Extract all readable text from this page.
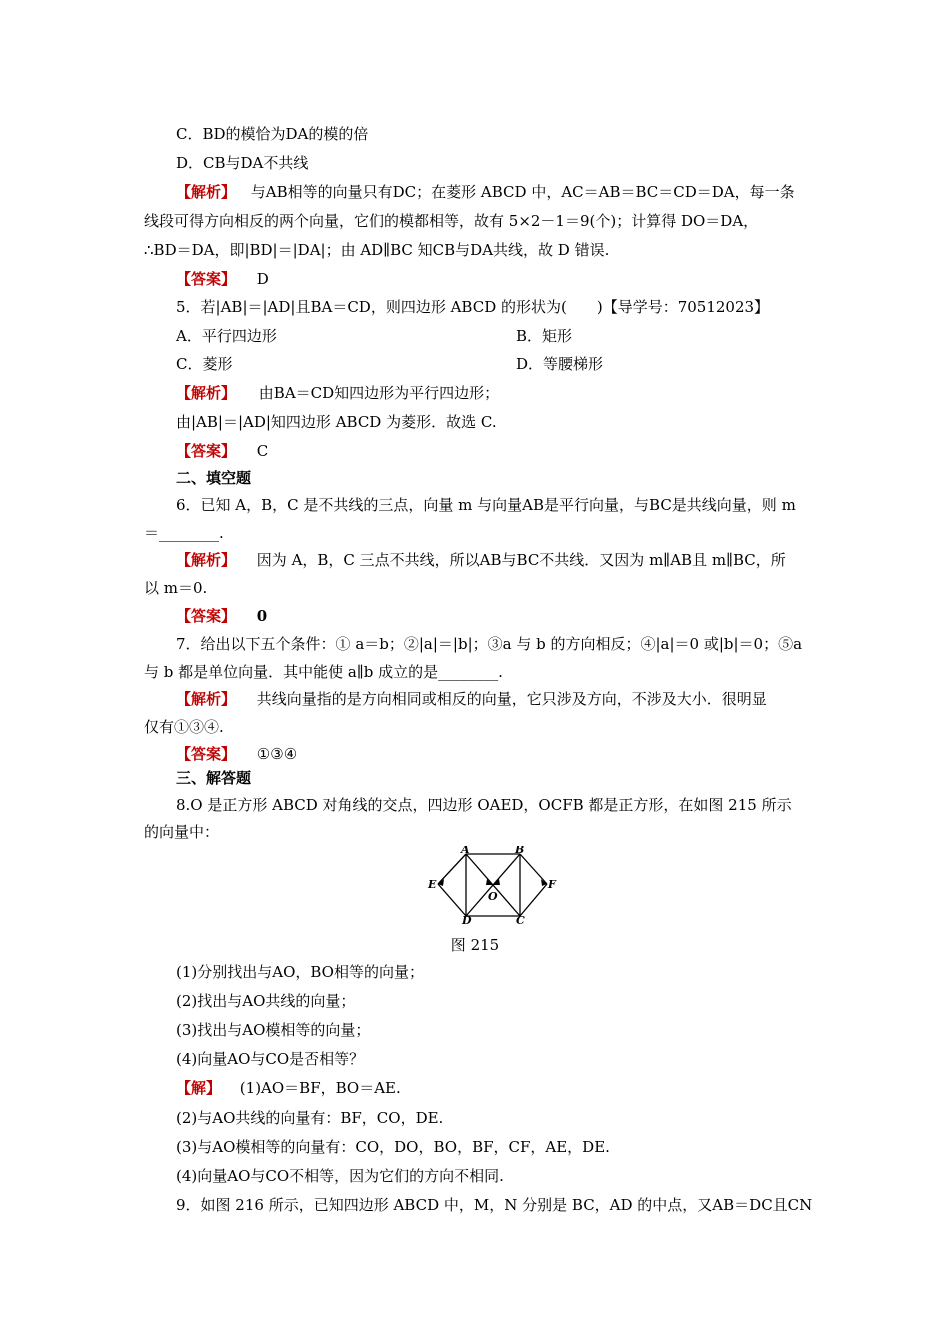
C．BD的模恰为DA的模的倍
D．CB与DA不共线
【解析】 与AB相等的向量只有DC；在菱形 ABCD 中，AC＝AB＝BC＝CD＝DA，每一条
线段可得方向相反的两个向量，它们的模都相等，故有 5×2－1＝9(个)；计算得 DO＝DA，
∴BD＝DA，即|BD|＝|DA|；由 AD∥BC 知CB与DA共线，故 D 错误.
【答案】 D
5．若|AB|＝|AD|且BA＝CD，则四边形 ABCD 的形状为(　　)【导学号：70512023】
A．平行四边形	B．矩形
C．菱形	D．等腰梯形
【解析】 由BA＝CD知四边形为平行四边形；
由|AB|＝|AD|知四边形 ABCD 为菱形．故选 C.
【答案】 C
二、填空题
6．已知 A，B，C 是不共线的三点，向量 m 与向量AB是平行向量，与BC是共线向量，则 m
＝________.
【解析】 因为 A，B，C 三点不共线，所以AB与BC不共线．又因为 m∥AB且 m∥BC，所
以 m＝0.
【答案】 0
7．给出以下五个条件：① a＝b；②|a|＝|b|；③a 与 b 的方向相反；④|a|＝0 或|b|＝0；⑤a
与 b 都是单位向量．其中能使 a∥b 成立的是________.
【解析】 共线向量指的是方向相同或相反的向量，它只涉及方向，不涉及大小．很明显
仅有①③④.
【答案】 ①③④
三、解答题
8.O 是正方形 ABCD 对角线的交点，四边形 OAED，OCFB 都是正方形，在如图 215 所示
的向量中：
A	B
C
D
E	F
O
图 215
(1)分别找出与AO，BO相等的向量；
(2)找出与AO共线的向量；
(3)找出与AO模相等的向量；
(4)向量AO与CO是否相等？
【解】 (1)AO＝BF，BO＝AE.
(2)与AO共线的向量有：BF，CO，DE.
(3)与AO模相等的向量有：CO，DO，BO，BF，CF，AE，DE.
(4)向量AO与CO不相等，因为它们的方向不相同.
9．如图 216 所示，已知四边形 ABCD 中，M，N 分别是 BC，AD 的中点，又AB＝DC且CN
